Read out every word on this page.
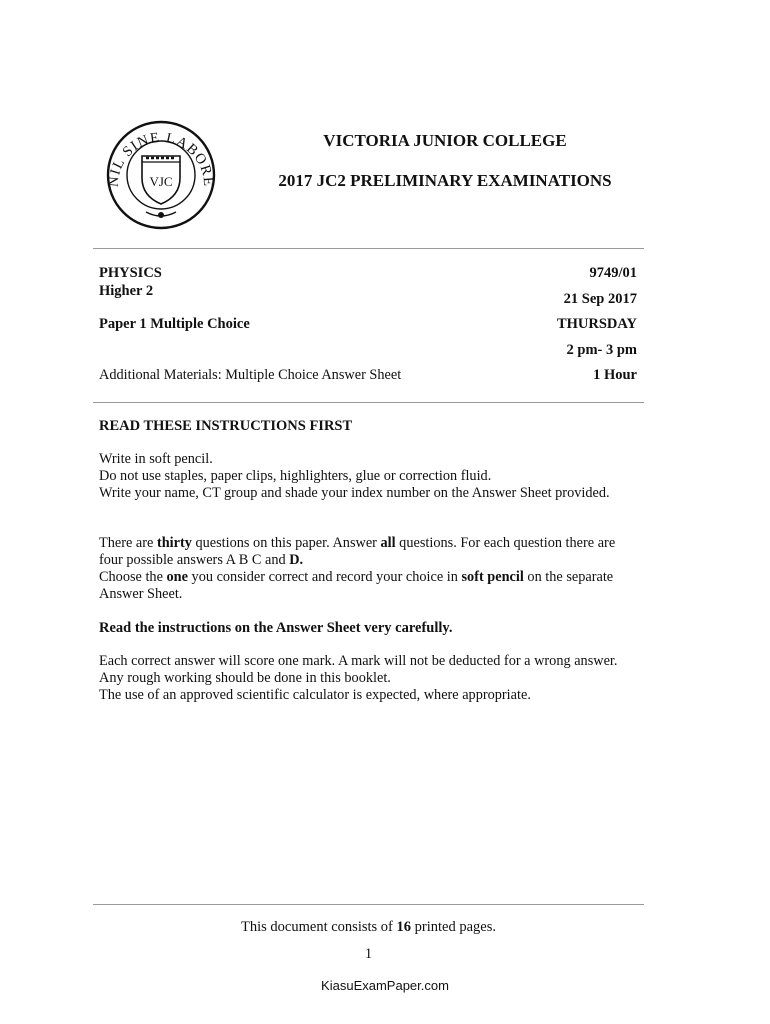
NIL SINE LABORE
VJC
VICTORIA JUNIOR COLLEGE
2017 JC2 PRELIMINARY EXAMINATIONS
PHYSICS
Higher 2
Paper 1 Multiple Choice
Additional Materials: Multiple Choice Answer Sheet
9749/01
21 Sep 2017
THURSDAY
2 pm- 3 pm
1 Hour
READ THESE INSTRUCTIONS FIRST

Write in soft pencil.

Do not use staples, paper clips, highlighters, glue or correction fluid.

Write your name, CT group and shade your index number on the Answer Sheet provided.

There are thirty questions on this paper. Answer all questions. For each question there are four possible answers A B C and D.
Choose the one you consider correct and record your choice in soft pencil on the separate Answer Sheet.
Read the instructions on the Answer Sheet very carefully.

Each correct answer will score one mark. A mark will not be deducted for a wrong answer.

Any rough working should be done in this booklet.

The use of an approved scientific calculator is expected, where appropriate.

This document consists of 16 printed pages.
1
KiasuExamPaper.com
